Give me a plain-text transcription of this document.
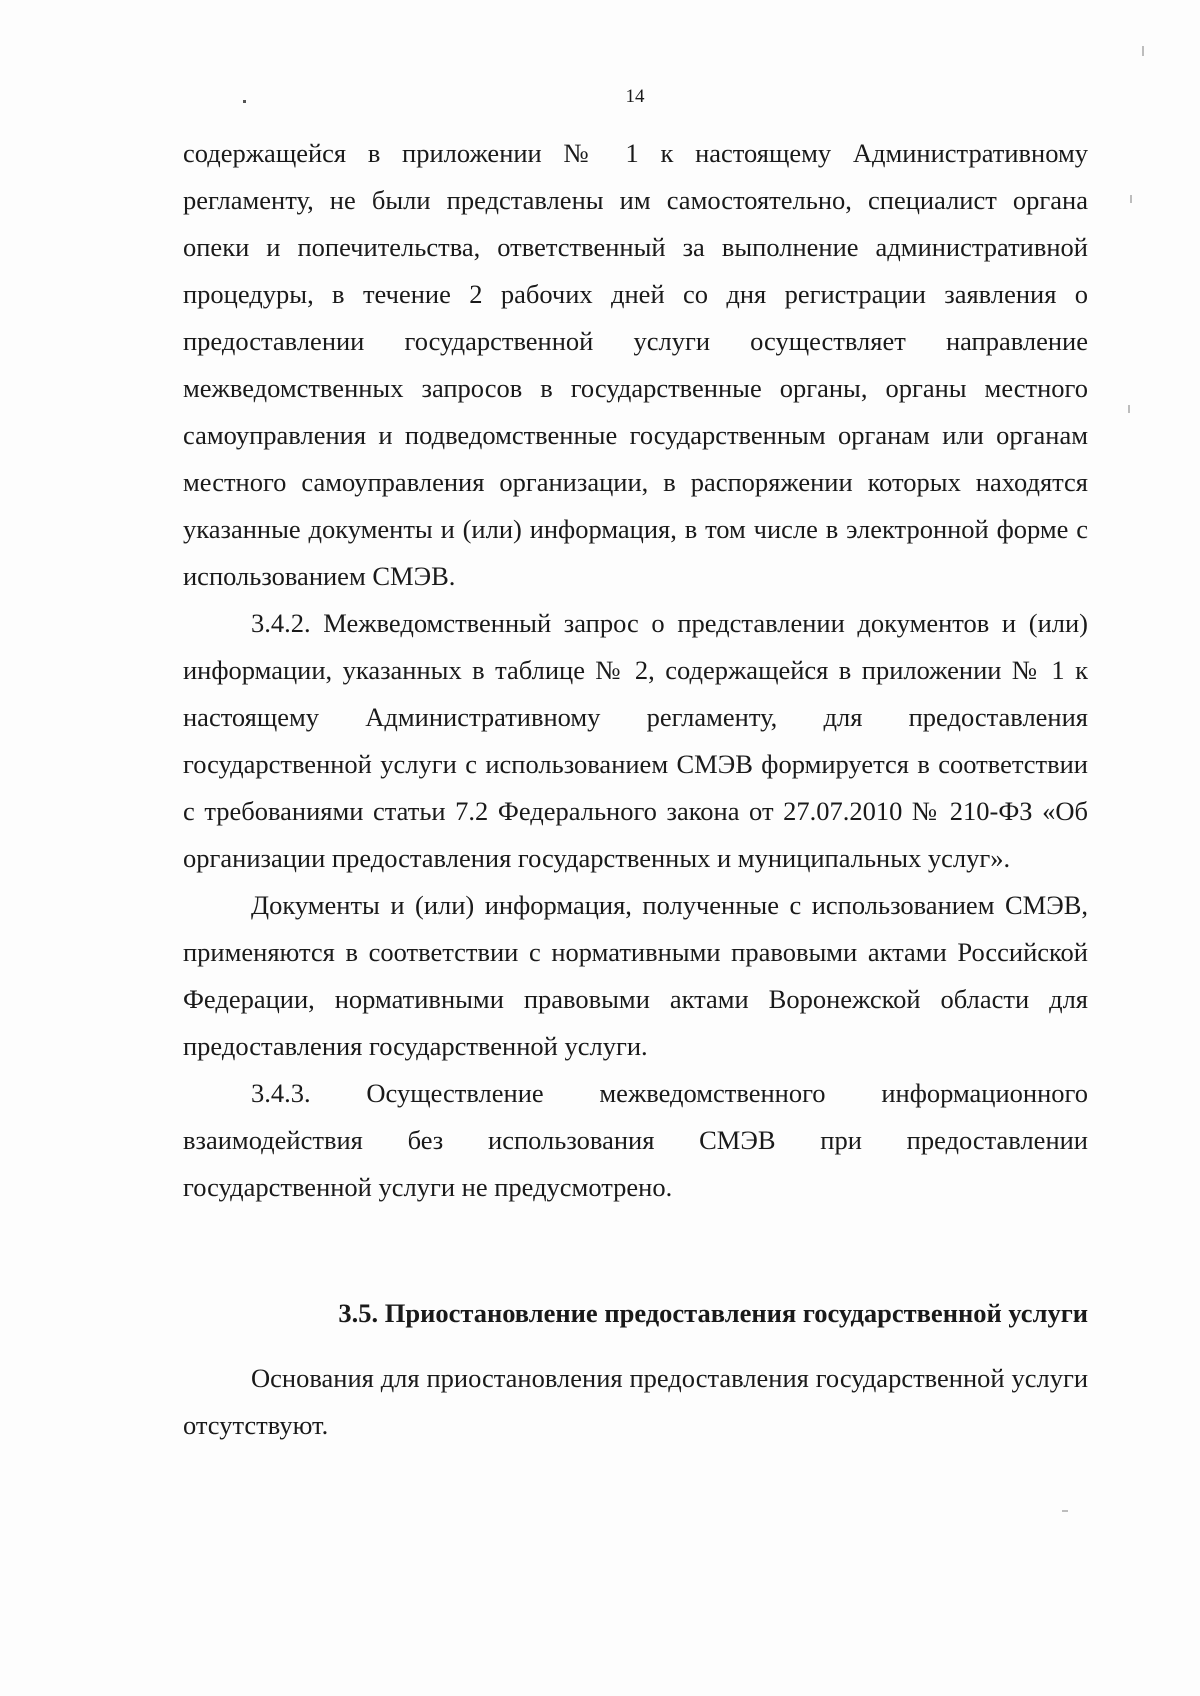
14

содержащейся в приложении № 1 к настоящему Административному регламенту, не были представлены им самостоятельно, специалист органа опеки и попечительства, ответственный за выполнение административной процедуры, в течение 2 рабочих дней со дня регистрации заявления о предоставлении государственной услуги осуществляет направление межведомственных запросов в государственные органы, органы местного самоуправления и подведомственные государственным органам или органам местного самоуправления организации, в распоряжении которых находятся указанные документы и (или) информация, в том числе в электронной форме с использованием СМЭВ.

3.4.2. Межведомственный запрос о представлении документов и (или) информации, указанных в таблице № 2, содержащейся в приложении № 1 к настоящему Административному регламенту, для предоставления государственной услуги с использованием СМЭВ формируется в соответствии с требованиями статьи 7.2 Федерального закона от 27.07.2010 № 210-ФЗ «Об организации предоставления государственных и муниципальных услуг».

Документы и (или) информация, полученные с использованием СМЭВ, применяются в соответствии с нормативными правовыми актами Российской Федерации, нормативными правовыми актами Воронежской области для предоставления государственной услуги.

3.4.3. Осуществление межведомственного информационного взаимодействия без использования СМЭВ при предоставлении государственной услуги не предусмотрено.

3.5. Приостановление предоставления государственной услуги

Основания для приостановления предоставления государственной услуги отсутствуют.
